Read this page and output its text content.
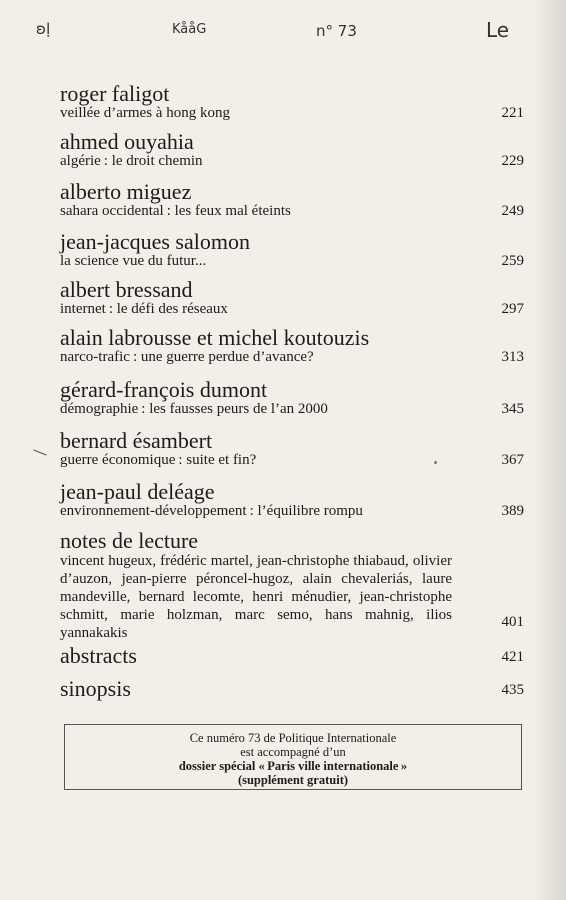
ʚḷ	KååG	n° 73	Le
roger faligot
veillée d’armes à hong kong	221
ahmed ouyahia
algérie : le droit chemin	229
alberto miguez
sahara occidental : les feux mal éteints	249
jean-jacques salomon
la science vue du futur...	259
albert bressand
internet : le défi des réseaux	297
alain labrousse et michel koutouzis
narco-trafic : une guerre perdue d’avance?	313
gérard-françois dumont
démographie : les fausses peurs de l’an 2000	345
bernard ésambert
guerre économique : suite et fin?	367
jean-paul deléage
environnement-développement : l’équilibre rompu	389
notes de lecture
vincent hugeux, frédéric martel, jean-christophe thiabaud, olivier d’auzon, jean-pierre péroncel-hugoz, alain chevaleriás, laure mandeville, bernard lecomte, henri ménudier, jean-christophe schmitt, marie holzman, marc semo, hans mahnig, ilios yannakakis
401
abstracts	421
sinopsis	435
Ce numéro 73 de Politique Internationale
est accompagné d’un
dossier spécial « Paris ville internationale »
(supplément gratuit)
